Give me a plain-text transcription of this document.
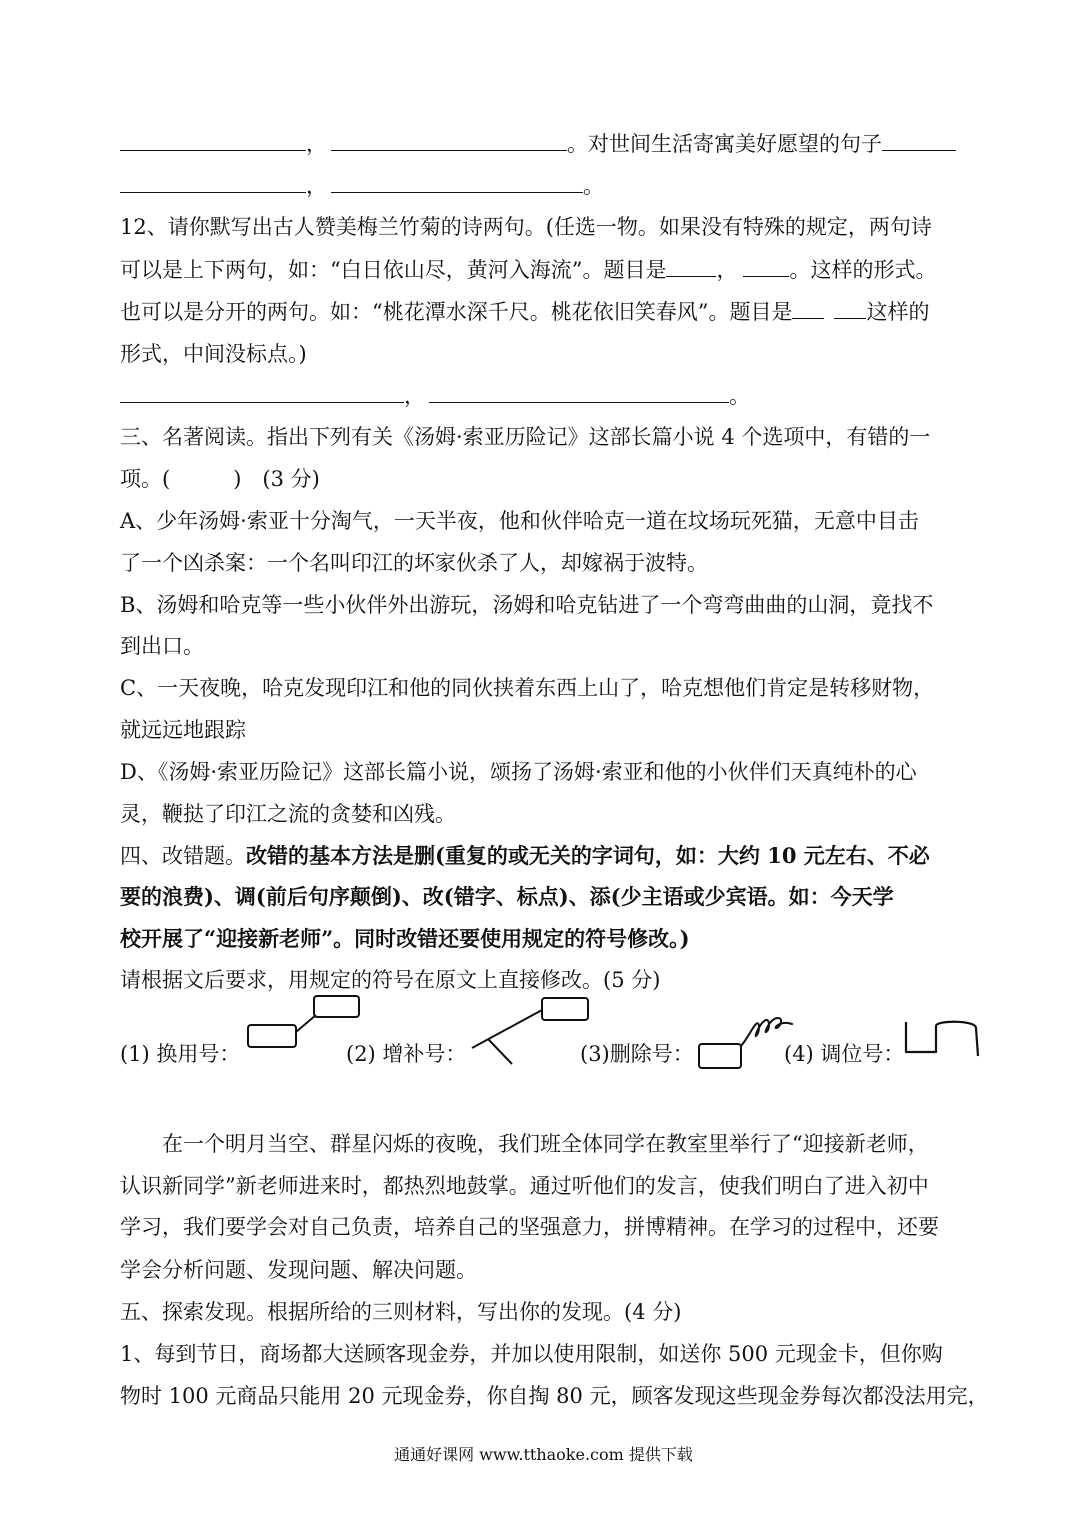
，	。对世间生活寄寓美好愿望的句子
，	。
12、请你默写出古人赞美梅兰竹菊的诗两句。(任选一物。如果没有特殊的规定，两句诗
可以是上下两句，如：“白日依山尽，黄河入海流”。题目是 ， 。这样的形式。
也可以是分开的两句。如：“桃花潭水深千尺。桃花依旧笑春风”。题目是	这样的
形式，中间没标点。)
，	。
三、名著阅读。指出下列有关《汤姆·索亚历险记》这部长篇小说 4 个选项中，有错的一
项。(　　　)　(3 分)
A、少年汤姆·索亚十分淘气，一天半夜，他和伙伴哈克一道在坟场玩死猫，无意中目击
了一个凶杀案：一个名叫印江的坏家伙杀了人，却嫁祸于波特。
B、汤姆和哈克等一些小伙伴外出游玩，汤姆和哈克钻进了一个弯弯曲曲的山洞，竟找不
到出口。
C、一天夜晚，哈克发现印江和他的同伙挟着东西上山了，哈克想他们肯定是转移财物，
就远远地跟踪
D、《汤姆·索亚历险记》这部长篇小说，颂扬了汤姆·索亚和他的小伙伴们天真纯朴的心
灵，鞭挞了印江之流的贪婪和凶残。
四、改错题。改错的基本方法是删(重复的或无关的字词句，如：大约 10 元左右、不必
要的浪费)、调(前后句序颠倒)、改(错字、标点)、添(少主语或少宾语。如：今天学
校开展了“迎接新老师”。同时改错还要使用规定的符号修改。)
请根据文后要求，用规定的符号在原文上直接修改。(5 分)
(1) 换用号：	(2) 增补号：	(3)删除号：	(4) 调位号：
　　在一个明月当空、群星闪烁的夜晚，我们班全体同学在教室里举行了“迎接新老师，
认识新同学”新老师进来时，都热烈地鼓掌。通过听他们的发言，使我们明白了进入初中
学习，我们要学会对自己负责，培养自己的坚强意力，拼博精神。在学习的过程中，还要
学会分析问题、发现问题、解决问题。
五、探索发现。根据所给的三则材料，写出你的发现。(4 分)
1、每到节日，商场都大送顾客现金券，并加以使用限制，如送你 500 元现金卡，但你购
物时 100 元商品只能用 20 元现金券，你自掏 80 元，顾客发现这些现金券每次都没法用完，
通通好课网 www.tthaoke.com 提供下载
